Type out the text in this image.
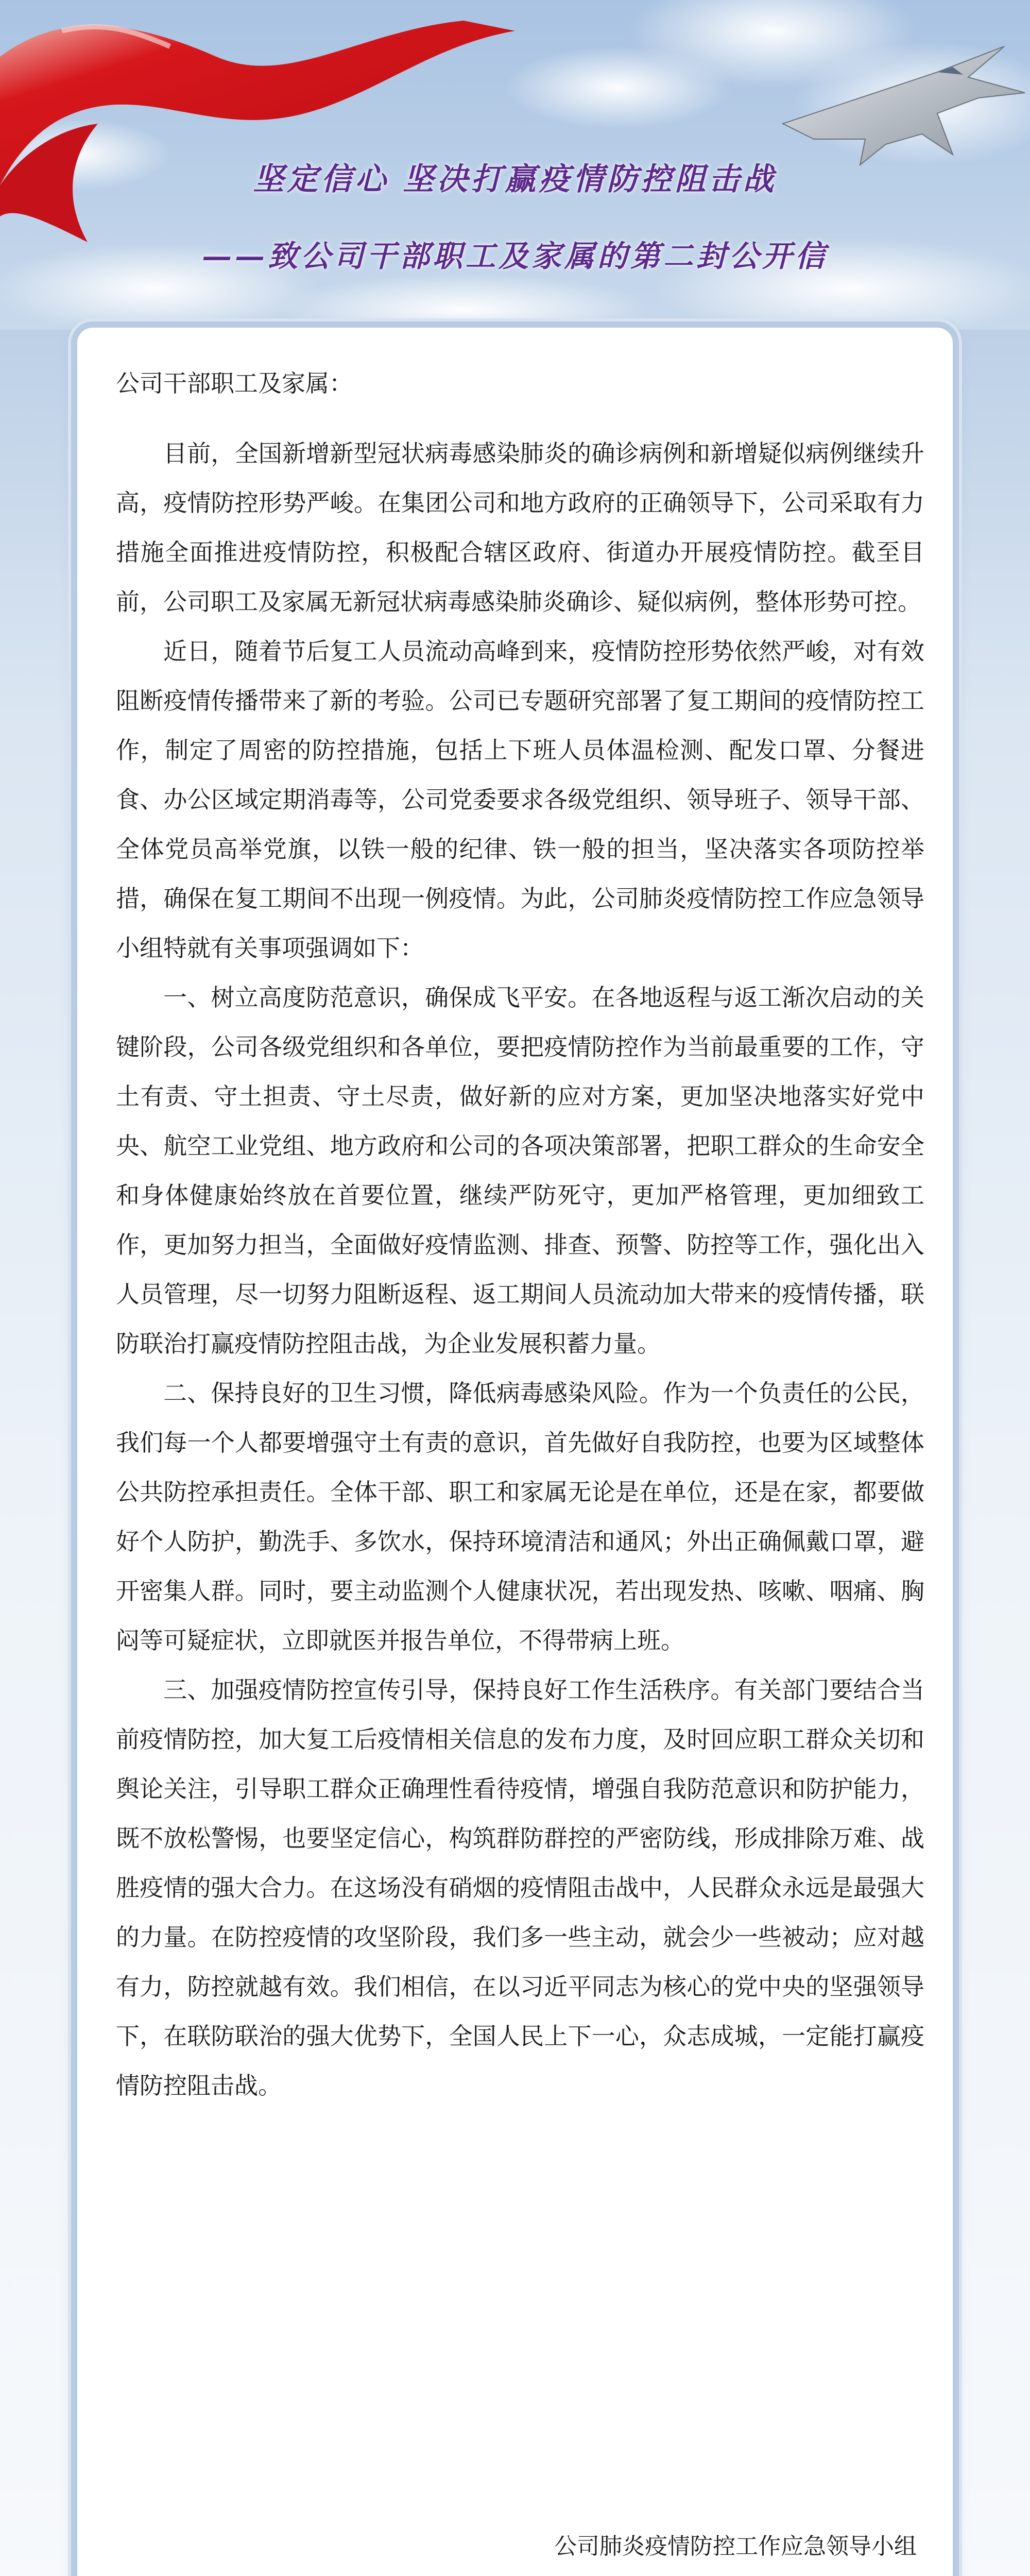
坚定信心 坚决打赢疫情防控阻击战
——致公司干部职工及家属的第二封公开信

公司干部职工及家属：

目前，全国新增新型冠状病毒感染肺炎的确诊病例和新增疑似病例继续升高，疫情防控形势严峻。在集团公司和地方政府的正确领导下，公司采取有力措施全面推进疫情防控，积极配合辖区政府、街道办开展疫情防控。截至目前，公司职工及家属无新冠状病毒感染肺炎确诊、疑似病例，整体形势可控。

近日，随着节后复工人员流动高峰到来，疫情防控形势依然严峻，对有效阻断疫情传播带来了新的考验。公司已专题研究部署了复工期间的疫情防控工作，制定了周密的防控措施，包括上下班人员体温检测、配发口罩、分餐进食、办公区域定期消毒等，公司党委要求各级党组织、领导班子、领导干部、全体党员高举党旗，以铁一般的纪律、铁一般的担当，坚决落实各项防控举措，确保在复工期间不出现一例疫情。为此，公司肺炎疫情防控工作应急领导小组特就有关事项强调如下：

一、树立高度防范意识，确保成飞平安。在各地返程与返工渐次启动的关键阶段，公司各级党组织和各单位，要把疫情防控作为当前最重要的工作，守土有责、守土担责、守土尽责，做好新的应对方案，更加坚决地落实好党中央、航空工业党组、地方政府和公司的各项决策部署，把职工群众的生命安全和身体健康始终放在首要位置，继续严防死守，更加严格管理，更加细致工作，更加努力担当，全面做好疫情监测、排查、预警、防控等工作，强化出入人员管理，尽一切努力阻断返程、返工期间人员流动加大带来的疫情传播，联防联治打赢疫情防控阻击战，为企业发展积蓄力量。

二、保持良好的卫生习惯，降低病毒感染风险。作为一个负责任的公民，我们每一个人都要增强守土有责的意识，首先做好自我防控，也要为区域整体公共防控承担责任。全体干部、职工和家属无论是在单位，还是在家，都要做好个人防护，勤洗手、多饮水，保持环境清洁和通风；外出正确佩戴口罩，避开密集人群。同时，要主动监测个人健康状况，若出现发热、咳嗽、咽痛、胸闷等可疑症状，立即就医并报告单位，不得带病上班。

三、加强疫情防控宣传引导，保持良好工作生活秩序。有关部门要结合当前疫情防控，加大复工后疫情相关信息的发布力度，及时回应职工群众关切和舆论关注，引导职工群众正确理性看待疫情，增强自我防范意识和防护能力，既不放松警惕，也要坚定信心，构筑群防群控的严密防线，形成排除万难、战胜疫情的强大合力。在这场没有硝烟的疫情阻击战中，人民群众永远是最强大的力量。在防控疫情的攻坚阶段，我们多一些主动，就会少一些被动；应对越有力，防控就越有效。我们相信，在以习近平同志为核心的党中央的坚强领导下，在联防联治的强大优势下，全国人民上下一心，众志成城，一定能打赢疫情防控阻击战。

公司肺炎疫情防控工作应急领导小组
